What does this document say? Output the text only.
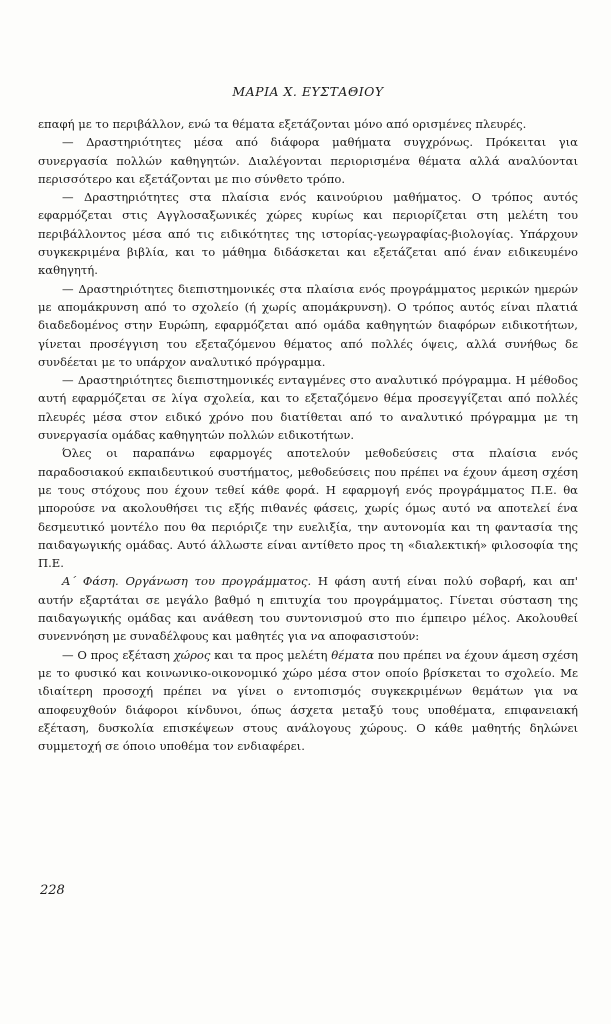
ΜΑΡΙΑ Χ. ΕΥΣΤΑΘΙΟΥ

επαφή με το περιβάλλον, ενώ τα θέματα εξετάζονται μόνο από ορισμένες πλευρές.

— Δραστηριότητες μέσα από διάφορα μαθήματα συγχρόνως. Πρόκειται για συνεργασία πολλών καθηγητών. Διαλέγονται περιορισμένα θέματα αλλά αναλύονται περισσότερο και εξετάζονται με πιο σύνθετο τρόπο.

— Δραστηριότητες στα πλαίσια ενός καινούριου μαθήματος. Ο τρόπος αυτός εφαρμόζεται στις Αγγλοσαξωνικές χώρες κυρίως και περιορίζεται στη μελέτη του περιβάλλοντος μέσα από τις ειδικότητες της ιστορίας-γεωγραφίας-βιολογίας. Υπάρχουν συγκεκριμένα βιβλία, και το μάθημα διδάσκεται και εξετάζεται από έναν ειδικευμένο καθηγητή.

— Δραστηριότητες διεπιστημονικές στα πλαίσια ενός προγράμματος μερικών ημερών με απομάκρυνση από το σχολείο (ή χωρίς απομάκρυνση). Ο τρόπος αυτός είναι πλατιά διαδεδομένος στην Ευρώπη, εφαρμόζεται από ομάδα καθηγητών διαφόρων ειδικοτήτων, γίνεται προσέγγιση του εξεταζόμενου θέματος από πολλές όψεις, αλλά συνήθως δε συνδέεται με το υπάρχον αναλυτικό πρόγραμμα.

— Δραστηριότητες διεπιστημονικές ενταγμένες στο αναλυτικό πρόγραμμα. Η μέθοδος αυτή εφαρμόζεται σε λίγα σχολεία, και το εξεταζόμενο θέμα προσεγγίζεται από πολλές πλευρές μέσα στον ειδικό χρόνο που διατίθεται από το αναλυτικό πρόγραμμα με τη συνεργασία ομάδας καθηγητών πολλών ειδικοτήτων.

Όλες οι παραπάνω εφαρμογές αποτελούν μεθοδεύσεις στα πλαίσια ενός παραδοσιακού εκπαιδευτικού συστήματος, μεθοδεύσεις που πρέπει να έχουν άμεση σχέση με τους στόχους που έχουν τεθεί κάθε φορά. Η εφαρμογή ενός προγράμματος Π.Ε. θα μπορούσε να ακολουθήσει τις εξής πιθανές φάσεις, χωρίς όμως αυτό να αποτελεί ένα δεσμευτικό μοντέλο που θα περιόριζε την ευελιξία, την αυτονομία και τη φαντασία της παιδαγωγικής ομάδας. Αυτό άλλωστε είναι αντίθετο προς τη «διαλεκτική» φιλοσοφία της Π.Ε.

Α΄ Φάση. Οργάνωση του προγράμματος. Η φάση αυτή είναι πολύ σοβαρή, και απ' αυτήν εξαρτάται σε μεγάλο βαθμό η επιτυχία του προγράμματος. Γίνεται σύσταση της παιδαγωγικής ομάδας και ανάθεση του συντονισμού στο πιο έμπειρο μέλος. Ακολουθεί συνεννόηση με συναδέλφους και μαθητές για να αποφασιστούν:

— Ο προς εξέταση χώρος και τα προς μελέτη θέματα που πρέπει να έχουν άμεση σχέση με το φυσικό και κοινωνικο-οικονομικό χώρο μέσα στον οποίο βρίσκεται το σχολείο. Με ιδιαίτερη προσοχή πρέπει να γίνει ο εντοπισμός συγκεκριμένων θεμάτων για να αποφευχθούν διάφοροι κίνδυνοι, όπως άσχετα μεταξύ τους υποθέματα, επιφανειακή εξέταση, δυσκολία επισκέψεων στους ανάλογους χώρους. Ο κάθε μαθητής δηλώνει συμμετοχή σε όποιο υποθέμα τον ενδιαφέρει.

228
